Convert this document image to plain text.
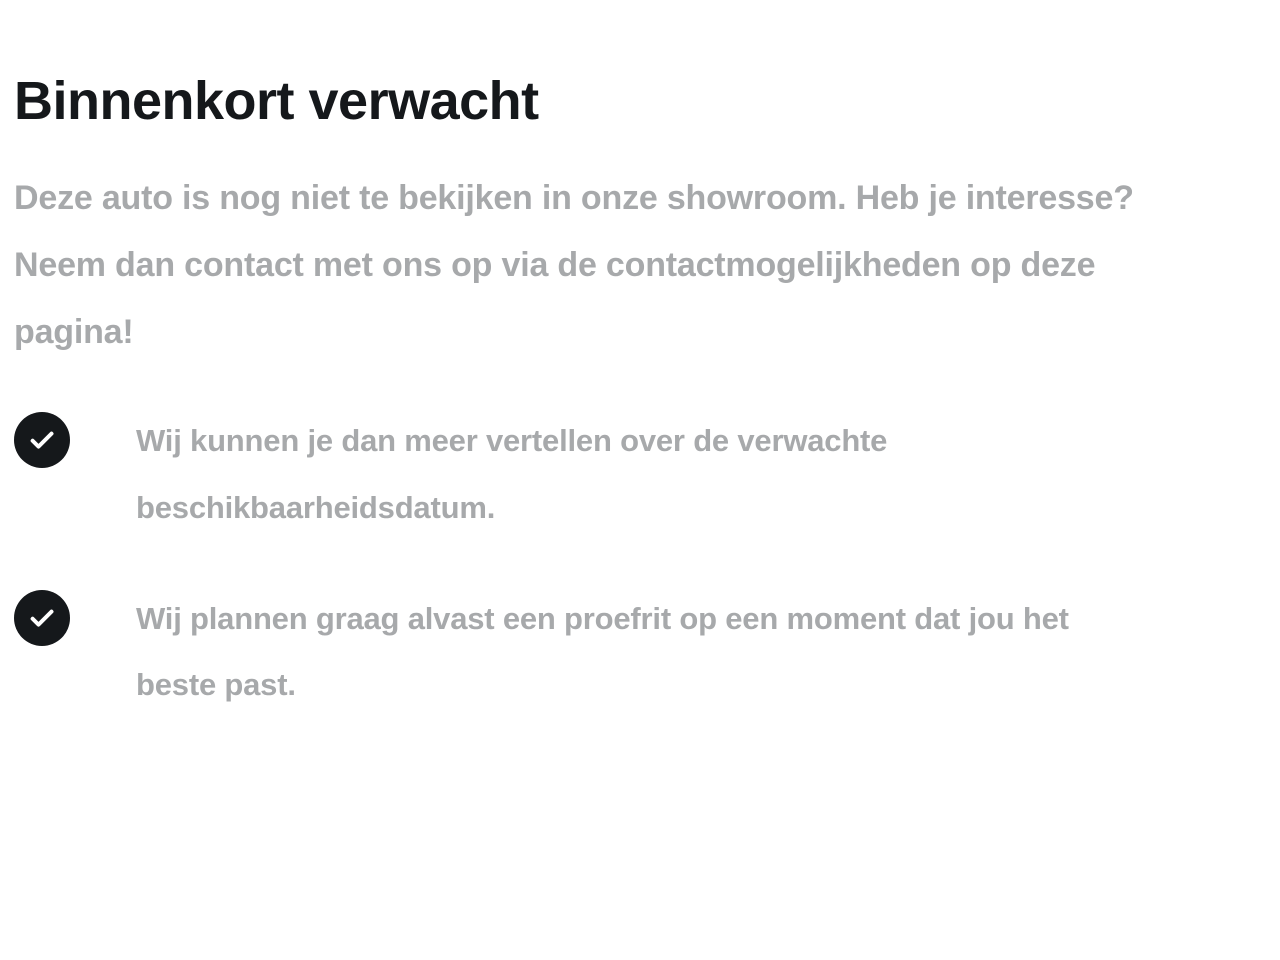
Binnenkort verwacht

Deze auto is nog niet te bekijken in onze showroom. Heb je interesse? Neem dan contact met ons op via de contactmogelijkheden op deze pagina!

Wij kunnen je dan meer vertellen over de verwachte beschikbaarheidsdatum.
Wij plannen graag alvast een proefrit op een moment dat jou het beste past.
